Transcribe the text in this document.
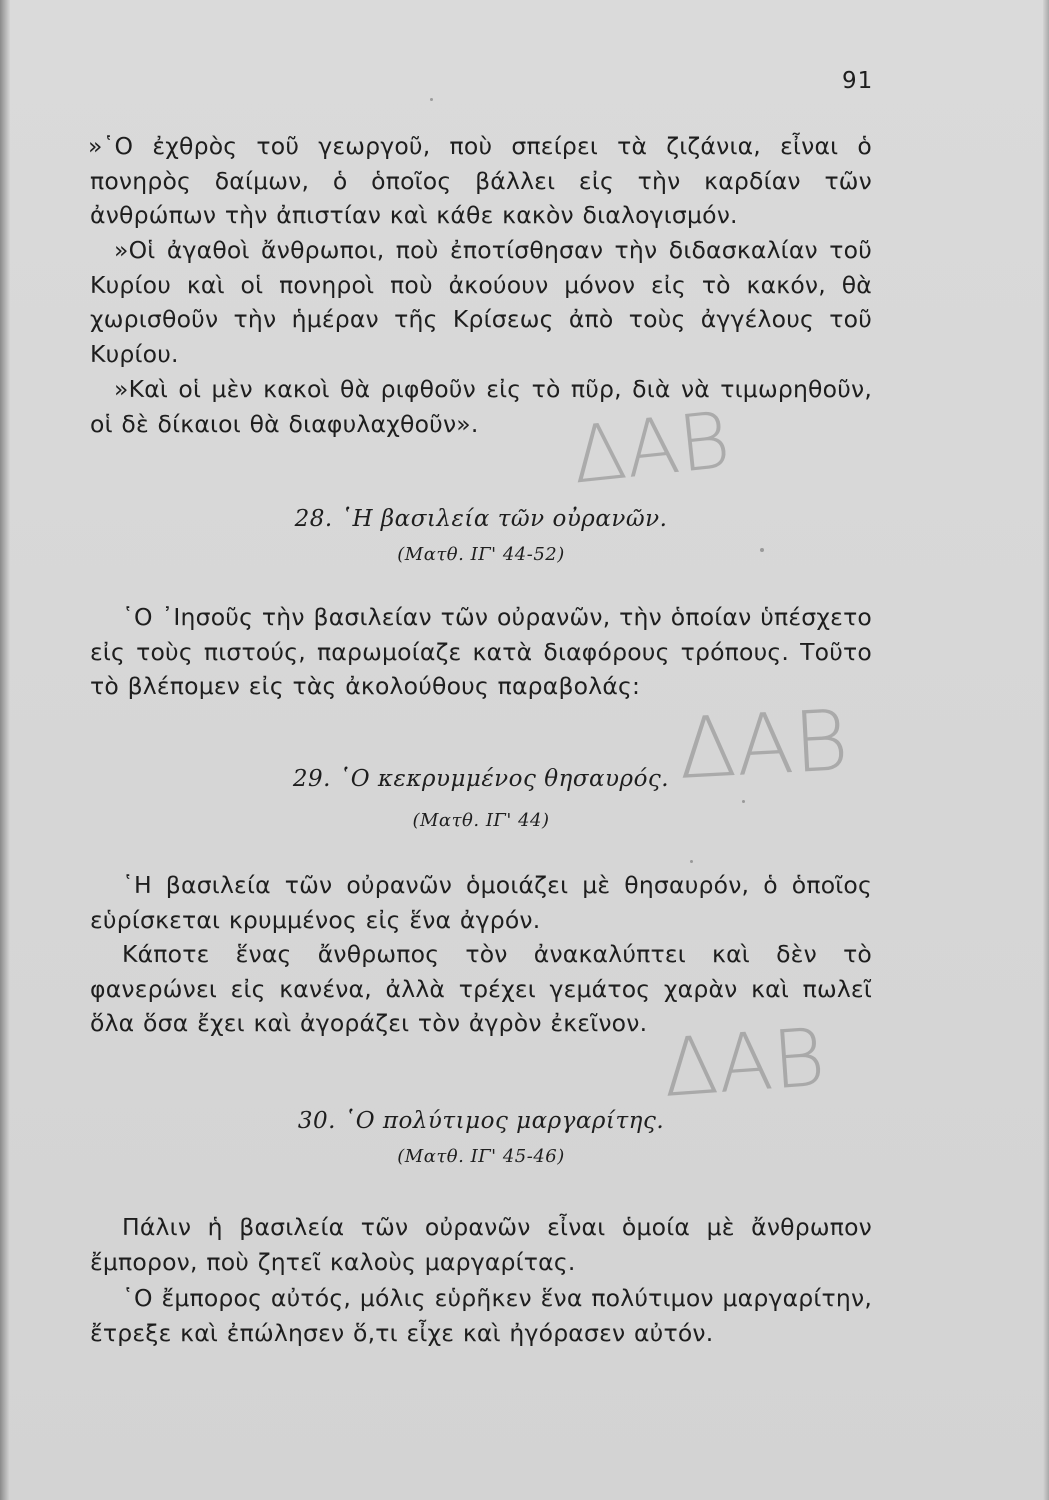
91
»῾Ο ἐχθρὸς τοῦ γεωργοῦ, ποὺ σπείρει τὰ ζιζάνια, εἶναι ὁ πονηρὸς δαίμων, ὁ ὁποῖος βάλλει εἰς τὴν καρδίαν τῶν ἀνθρώπων τὴν ἀπιστίαν καὶ κάθε κακὸν διαλογισμόν.
»Οἱ ἀγαθοὶ ἄνθρωποι, ποὺ ἐποτίσθησαν τὴν διδασκαλίαν τοῦ Κυρίου καὶ οἱ πονηροὶ ποὺ ἀκούουν μόνον εἰς τὸ κακόν, θὰ χωρισθοῦν τὴν ἡμέραν τῆς Κρίσεως ἀπὸ τοὺς ἀγγέλους τοῦ Κυρίου.
»Καὶ οἱ μὲν κακοὶ θὰ ριφθοῦν εἰς τὸ πῦρ, διὰ νὰ τιμωρηθοῦν, οἱ δὲ δίκαιοι θὰ διαφυλαχθοῦν».
28. ῾Η βασιλεία τῶν οὐρανῶν.
(Ματθ. ΙΓ' 44-52)
῾Ο ᾿Ιησοῦς τὴν βασιλείαν τῶν οὐρανῶν, τὴν ὁποίαν ὑπέσχετο εἰς τοὺς πιστούς, παρωμοίαζε κατὰ διαφόρους τρόπους. Τοῦτο τὸ βλέπομεν εἰς τὰς ἀκολούθους παραβολάς:
29. ῾Ο κεκρυμμένος θησαυρός.
(Ματθ. ΙΓ' 44)
῾Η βασιλεία τῶν οὐρανῶν ὁμοιάζει μὲ θησαυρόν, ὁ ὁποῖος εὑρίσκεται κρυμμένος εἰς ἕνα ἀγρόν.
Κάποτε ἕνας ἄνθρωπος τὸν ἀνακαλύπτει καὶ δὲν τὸ φανερώνει εἰς κανένα, ἀλλὰ τρέχει γεμάτος χαρὰν καὶ πωλεῖ ὅλα ὅσα ἔχει καὶ ἀγοράζει τὸν ἀγρὸν ἐκεῖνον.
30. ῾Ο πολύτιμος μαργαρίτης.
(Ματθ. ΙΓ' 45-46)
Πάλιν ἡ βασιλεία τῶν οὐρανῶν εἶναι ὁμοία μὲ ἄνθρωπον ἔμπορον, ποὺ ζητεῖ καλοὺς μαργαρίτας.
῾Ο ἔμπορος αὐτός, μόλις εὑρῆκεν ἕνα πολύτιμον μαργαρίτην, ἔτρεξε καὶ ἐπώλησεν ὅ,τι εἶχε καὶ ἠγόρασεν αὐτόν.
ΔΑΒ
ΔΑΒ
ΔΑΒ
